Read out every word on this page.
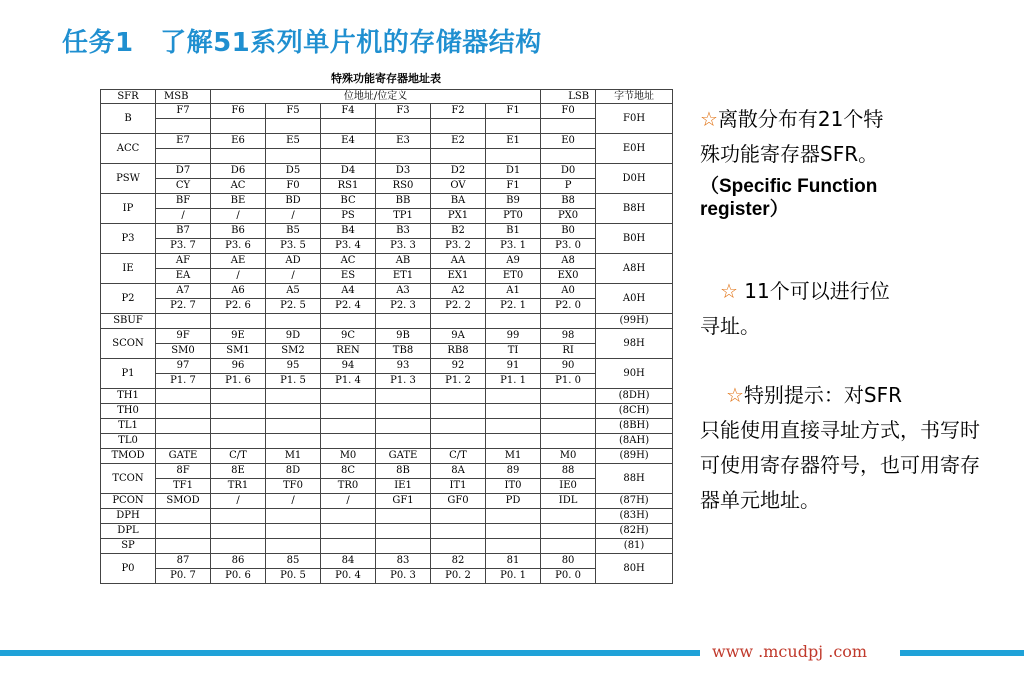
任务1　了解51系列单片机的存储器结构
特殊功能寄存器地址表
SFR	MSB	位地址/位定义						LSB	字节地址
B	F7	F6	F5	F4	F3	F2	F1	F0	F0H

ACC	E7	E6	E5	E4	E3	E2	E1	E0	E0H

PSW	D7	D6	D5	D4	D3	D2	D1	D0	D0H
	CY	AC	F0	RS1	RS0	OV	F1	P	
IP	BF	BE	BD	BC	BB	BA	B9	B8	B8H
	/	/	/	PS	TP1	PX1	PT0	PX0	
P3	B7	B6	B5	B4	B3	B2	B1	B0	B0H
	P3. 7	P3. 6	P3. 5	P3. 4	P3. 3	P3. 2	P3. 1	P3. 0	
IE	AF	AE	AD	AC	AB	AA	A9	A8	A8H
	EA	/	/	ES	ET1	EX1	ET0	EX0	
P2	A7	A6	A5	A4	A3	A2	A1	A0	A0H
	P2. 7	P2. 6	P2. 5	P2. 4	P2. 3	P2. 2	P2. 1	P2. 0	
SBUF									(99H)
SCON	9F	9E	9D	9C	9B	9A	99	98	98H
	SM0	SM1	SM2	REN	TB8	RB8	TI	RI	
P1	97	96	95	94	93	92	91	90	90H
	P1. 7	P1. 6	P1. 5	P1. 4	P1. 3	P1. 2	P1. 1	P1. 0	
TH1									(8DH)
TH0									(8CH)
TL1									(8BH)
TL0									(8AH)
TMOD	GATE	C/T	M1	M0	GATE	C/T	M1	M0	(89H)
TCON	8F	8E	8D	8C	8B	8A	89	88	88H
	TF1	TR1	TF0	TR0	IE1	IT1	IT0	IE0	
PCON	SMOD	/	/	/	GF1	GF0	PD	IDL	(87H)
DPH									(83H)
DPL									(82H)
SP									(81)
P0	87	86	85	84	83	82	81	80	80H
	P0. 7	P0. 6	P0. 5	P0. 4	P0. 3	P0. 2	P0. 1	P0. 0	
☆离散分布有21个特
殊功能寄存器SFR。
（Specific Function
register）
☆ 11个可以进行位
寻址。
☆特别提示：对SFR
只能使用直接寻址方式，书写时可使用寄存器符号，也可用寄存器单元地址。
www .mcudpj .com
